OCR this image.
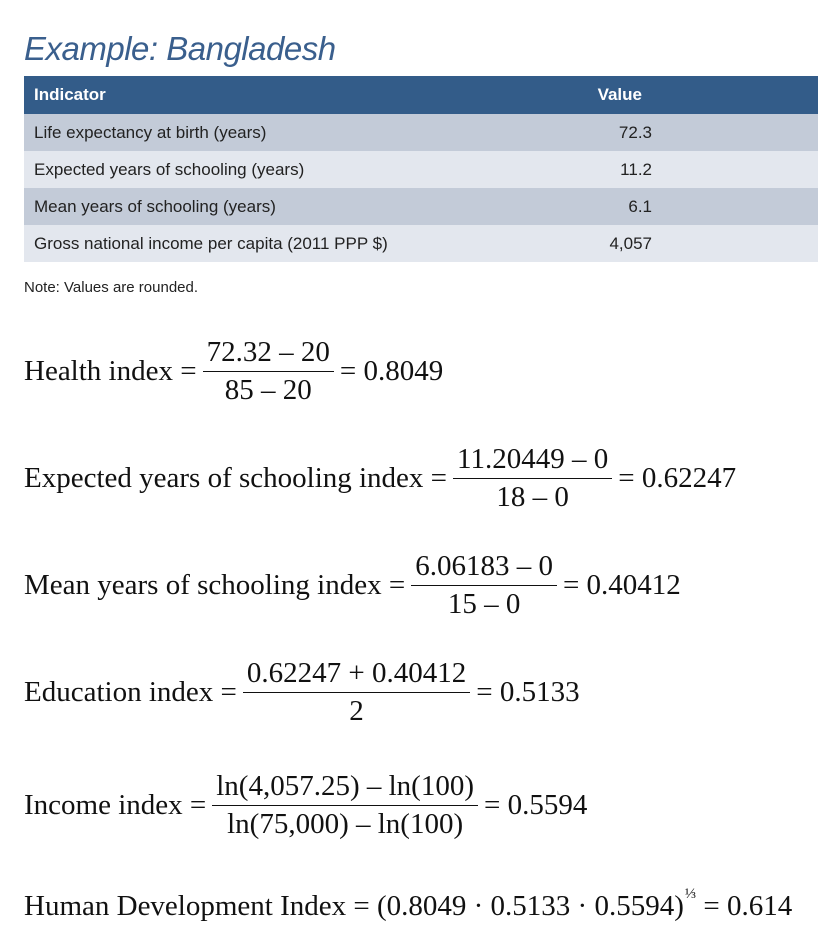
Example: Bangladesh
Indicator	Value
Life expectancy at birth (years)	72.3
Expected years of schooling (years)	11.2
Mean years of schooling (years)	6.1
Gross national income per capita (2011 PPP $)	4,057
Note: Values are rounded.
Health index = $\frac{72.32 - 20}{85 - 20} = 0.8049$
Expected years of schooling index = $\frac{11.20449 - 0}{18 - 0} = 0.62247$
Mean years of schooling index = $\frac{6.06183 - 0}{15 - 0} = 0.40412$
Education index = $\frac{0.62247 + 0.40412}{2} = 0.5133$
Income index = $\frac{\ln(4,057.25) - \ln(100)}{\ln(75,000) - \ln(100)} = 0.5594$
Human Development Index = (0.8049 · 0.5133 · 0.5594) ⅓ = 0.614
